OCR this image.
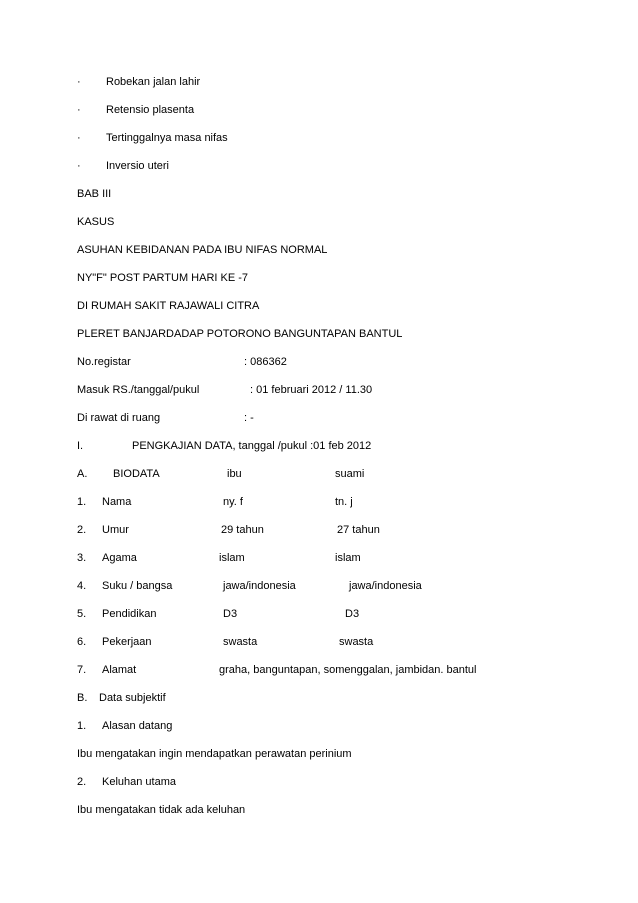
· Robekan jalan lahir
· Retensio plasenta
· Tertinggalnya masa nifas
· Inversio uteri
BAB III
KASUS
ASUHAN KEBIDANAN PADA IBU NIFAS NORMAL
NY"F" POST PARTUM HARI KE -7
DI RUMAH SAKIT RAJAWALI CITRA
PLERET BANJARDADAP POTORONO BANGUNTAPAN BANTUL
No.registar	: 086362
Masuk RS./tanggal/pukul	: 01 februari 2012 / 11.30
Di rawat di ruang	: -
I.	PENGKAJIAN DATA, tanggal /pukul :01 feb 2012
A. BIODATA	ibu	suami
1. Nama	ny. f	tn. j
2. Umur	29 tahun	27 tahun
3. Agama	islam	islam
4. Suku / bangsa	jawa/indonesia	jawa/indonesia
5. Pendidikan	D3	D3
6. Pekerjaan	swasta	swasta
7. Alamat	graha, banguntapan, somenggalan, jambidan. bantul
B. Data subjektif
1. Alasan datang
Ibu mengatakan ingin mendapatkan perawatan perinium
2. Keluhan utama
Ibu mengatakan tidak ada keluhan
